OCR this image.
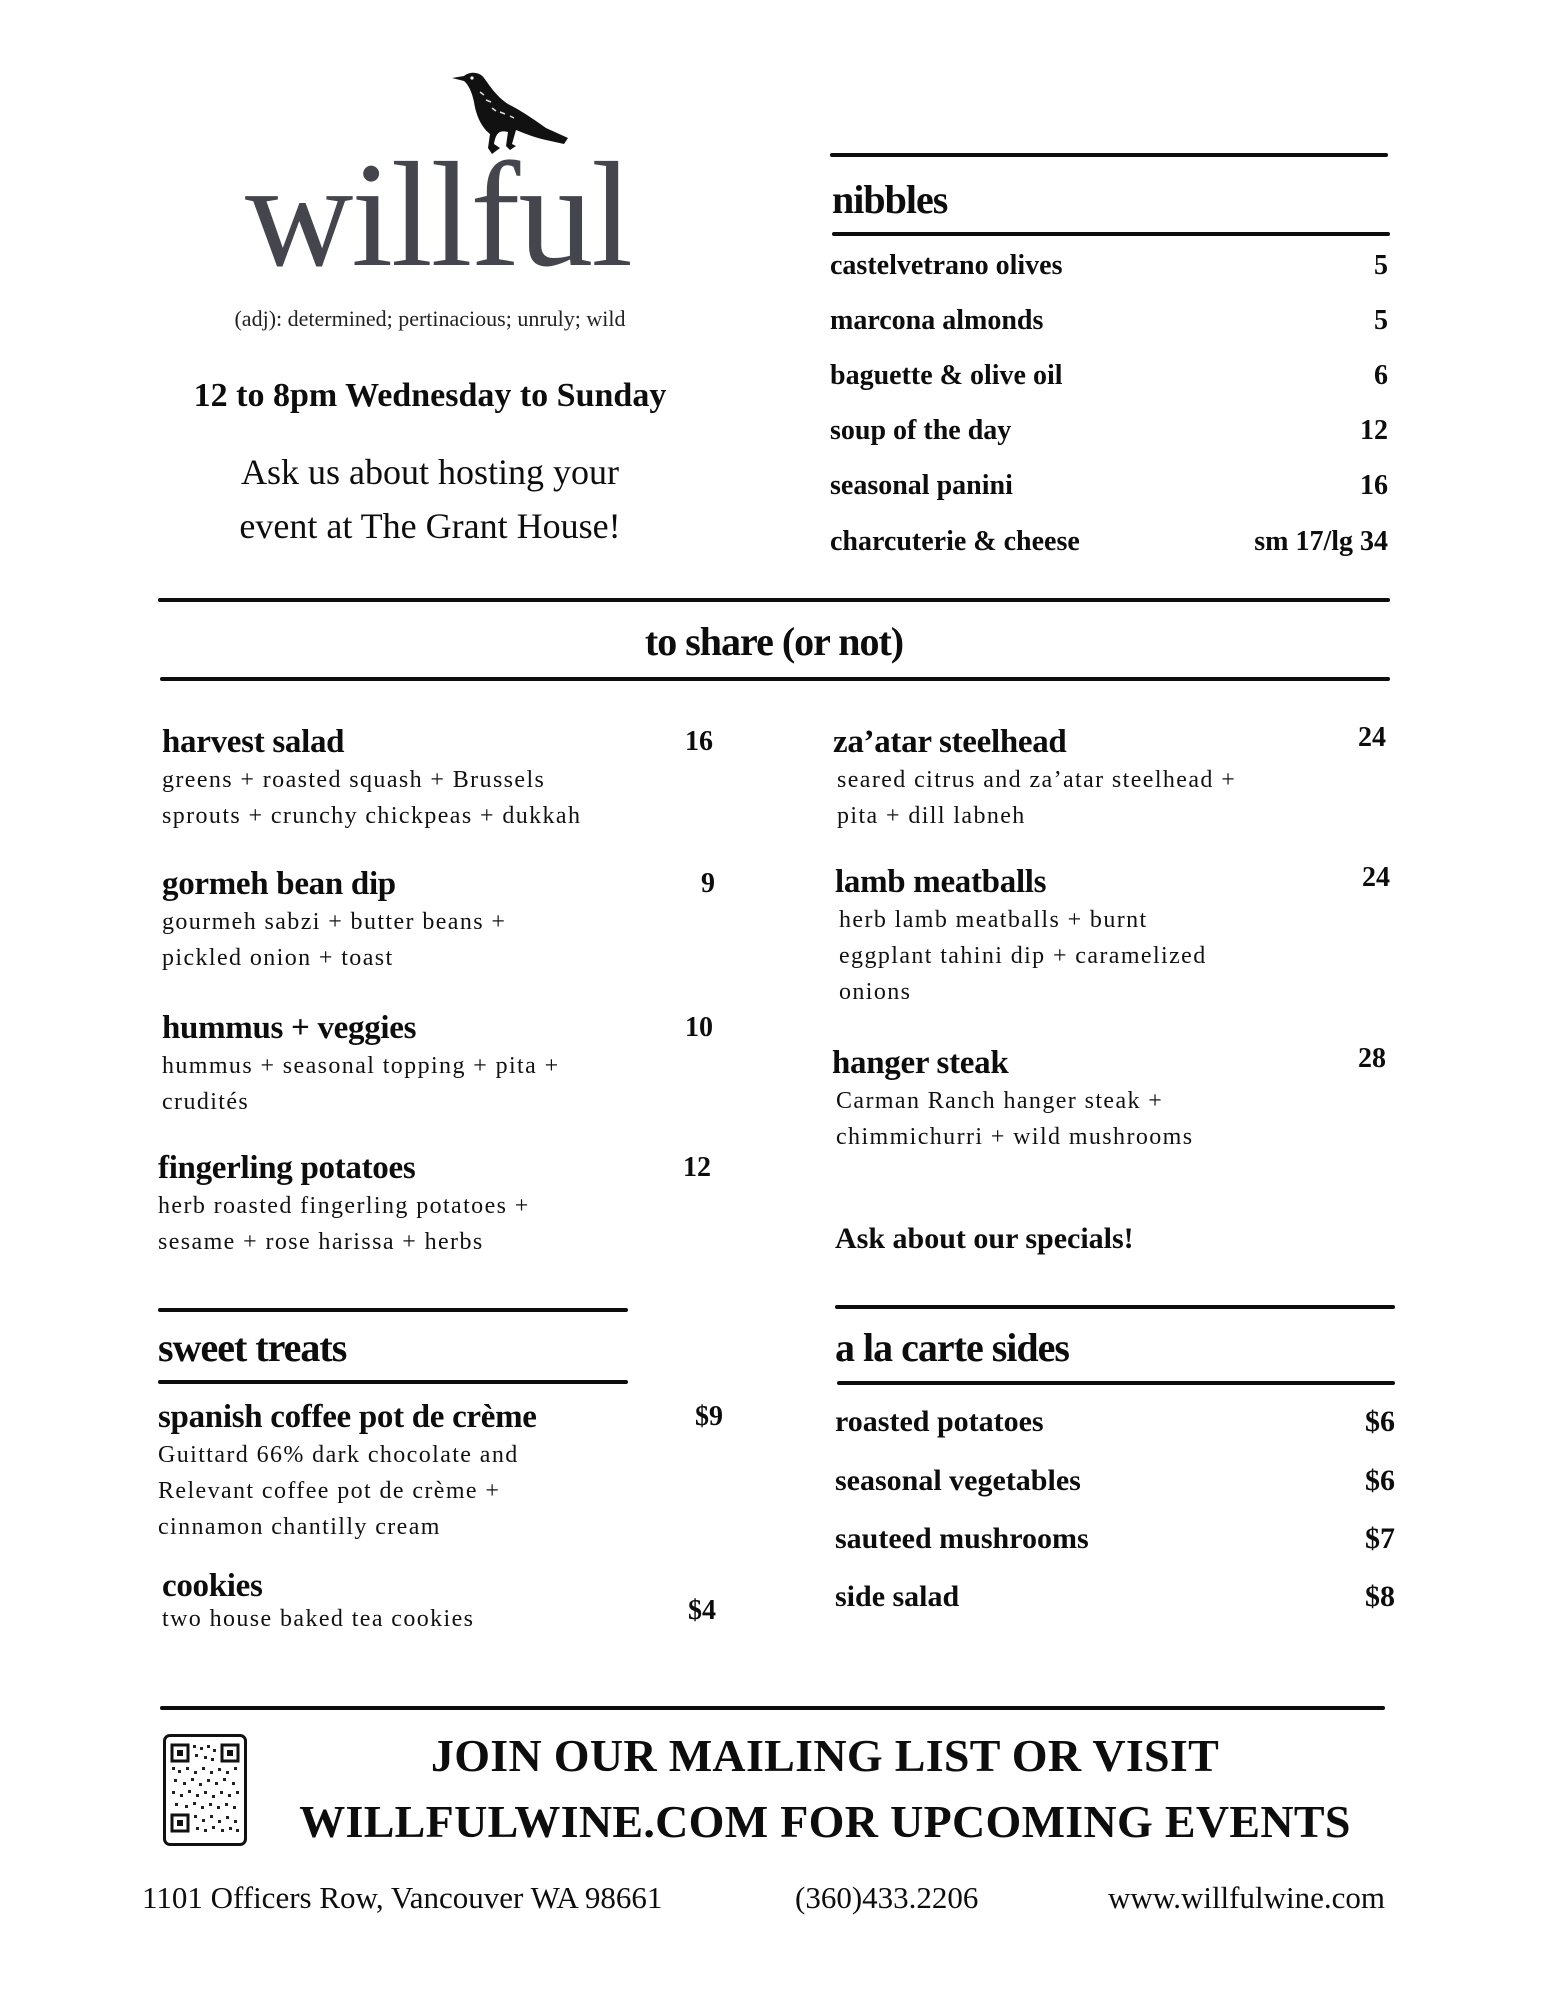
willful
(adj): determined; pertinacious; unruly; wild
12 to 8pm Wednesday to Sunday
Ask us about hosting your
event at The Grant House!
nibbles
castelvetrano olives	5
marcona almonds	5
baguette & olive oil	6
soup of the day	12
seasonal panini	16
charcuterie & cheese	sm 17/lg 34
to share (or not)
harvest salad
greens + roasted squash + Brussels
sprouts + crunchy chickpeas + dukkah
16
gormeh bean dip
gourmeh sabzi + butter beans +
pickled onion + toast
9
hummus + veggies
hummus + seasonal topping + pita +
crudités
10
fingerling potatoes
herb roasted fingerling potatoes +
sesame + rose harissa + herbs
12
za’atar steelhead
seared citrus and za’atar steelhead +
pita + dill labneh
24
lamb meatballs
herb lamb meatballs + burnt
eggplant tahini dip + caramelized
onions
24
hanger steak
Carman Ranch hanger steak +
chimmichurri + wild mushrooms
28
Ask about our specials!
sweet treats
spanish coffee pot de crème
Guittard 66% dark chocolate and
Relevant coffee pot de crème +
cinnamon chantilly cream
$9
cookies
two house baked tea cookies	$4
a la carte sides
roasted potatoes	$6
seasonal vegetables	$6
sauteed mushrooms	$7
side salad	$8
JOIN OUR MAILING LIST OR VISIT
WILLFULWINE.COM FOR UPCOMING EVENTS
1101 Officers Row, Vancouver WA 98661	(360)433.2206	www.willfulwine.com
